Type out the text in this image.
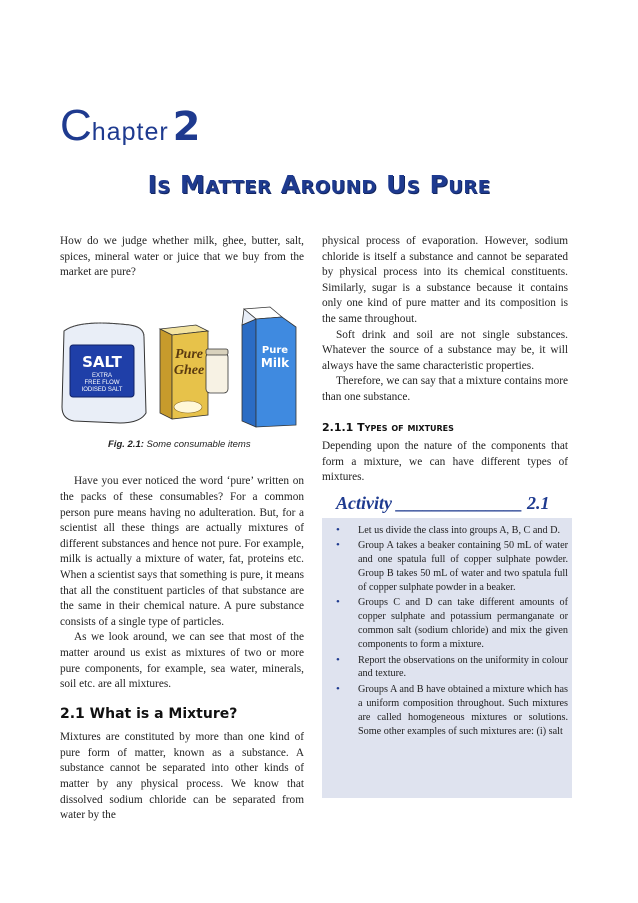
Chapter 2
Is Matter Around Us Pure

How do we judge whether milk, ghee, butter, salt, spices, mineral water or juice that we buy from the market are pure?

SALT
EXTRA
FREE FLOW
IODISED SALT
Pure
Ghee
Pure
Milk
Fig. 2.1: Some consumable items

Have you ever noticed the word ‘pure’ written on the packs of these consumables? For a common person pure means having no adulteration. But, for a scientist all these things are actually mixtures of different substances and hence not pure. For example, milk is actually a mixture of water, fat, proteins etc. When a scientist says that something is pure, it means that all the constituent particles of that substance are the same in their chemical nature. A pure substance consists of a single type of particles.

As we look around, we can see that most of the matter around us exist as mixtures of two or more pure components, for example, sea water, minerals, soil etc. are all mixtures.

2.1 What is a Mixture?

Mixtures are constituted by more than one kind of pure form of matter, known as a substance. A substance cannot be separated into other kinds of matter by any physical process. We know that dissolved sodium chloride can be separated from water by the

physical process of evaporation. However, sodium chloride is itself a substance and cannot be separated by physical process into its chemical constituents. Similarly, sugar is a substance because it contains only one kind of pure matter and its composition is the same throughout.

Soft drink and soil are not single substances. Whatever the source of a substance may be, it will always have the same characteristic properties.

Therefore, we can say that a mixture contains more than one substance.

2.1.1 Types of mixtures

Depending upon the nature of the components that form a mixture, we can have different types of mixtures.

Activity ______________ 2.1
• Let us divide the class into groups A, B, C and D.
• Group A takes a beaker containing 50 mL of water and one spatula full of copper sulphate powder. Group B takes 50 mL of water and two spatula full of copper sulphate powder in a beaker.
• Groups C and D can take different amounts of copper sulphate and potassium permanganate or common salt (sodium chloride) and mix the given components to form a mixture.
• Report the observations on the uniformity in colour and texture.
• Groups A and B have obtained a mixture which has a uniform composition throughout. Such mixtures are called homogeneous mixtures or solutions. Some other examples of such mixtures are: (i) salt
